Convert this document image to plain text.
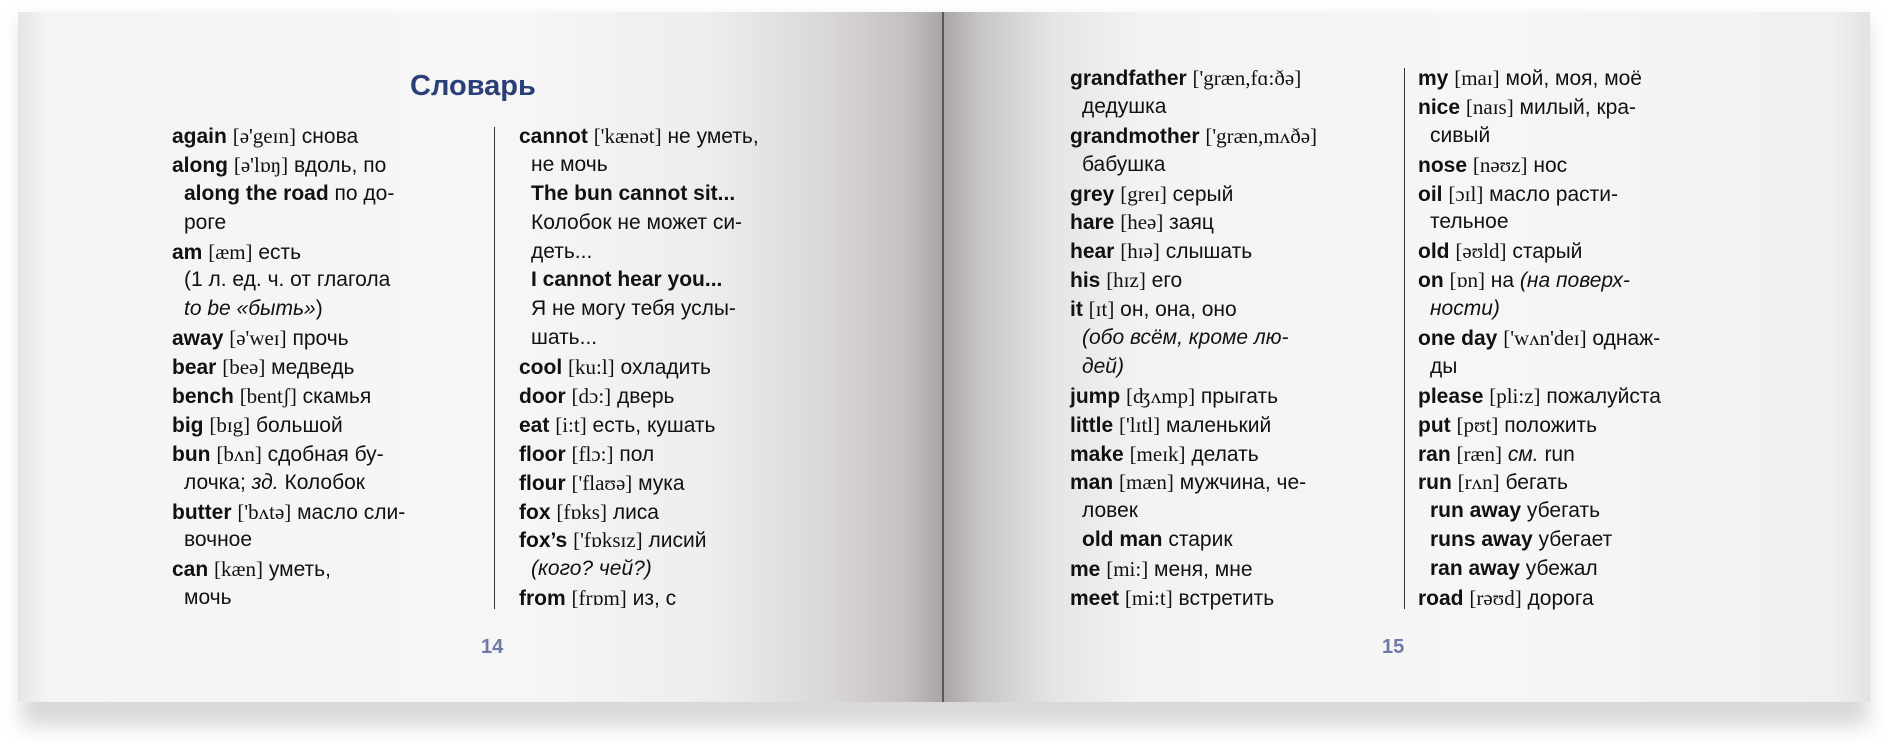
Словарь
again [ə'geɪn] снова
along [ə'lɒŋ] вдоль, по
along the road по до-
роге
am [æm] есть
(1 л. ед. ч. от глагола
to be «быть»)
away [ə'weɪ] прочь
bear [beə] медведь
bench [bentʃ] скамья
big [bɪg] большой
bun [bʌn] сдобная бу-
лочка; зд. Колобок
butter ['bʌtə] масло сли-
вочное
can [kæn] уметь,
мочь
cannot ['kænət] не уметь,
не мочь
The bun cannot sit...
Колобок не может си-
деть...
I cannot hear you...
Я не могу тебя услы-
шать...
cool [ku:l] охладить
door [dɔ:] дверь
eat [i:t] есть, кушать
floor [flɔ:] пол
flour ['flaʊə] мука
fox [fɒks] лиса
fox’s ['fɒksɪz] лисий
(кого? чей?)
from [frɒm] из, с
grandfather ['græn,fɑ:ðə]
дедушка
grandmother ['græn,mʌðə]
бабушка
grey [greɪ] серый
hare [heə] заяц
hear [hɪə] слышать
his [hɪz] его
it [ɪt] он, она, оно
(обо всём, кроме лю-
дей)
jump [ʤʌmp] прыгать
little ['lɪtl] маленький
make [meɪk] делать
man [mæn] мужчина, че-
ловек
old man старик
me [mi:] меня, мне
meet [mi:t] встретить
my [maɪ] мой, моя, моё
nice [naɪs] милый, кра-
сивый
nose [nəʊz] нос
oil [ɔɪl] масло расти-
тельное
old [əʊld] старый
on [ɒn] на (на поверх-
ности)
one day ['wʌn'deɪ] однаж-
ды
please [pli:z] пожалуйста
put [pʊt] положить
ran [ræn] см. run
run [rʌn] бегать
run away убегать
runs away убегает
ran away убежал
road [rəʊd] дорога
14	15
